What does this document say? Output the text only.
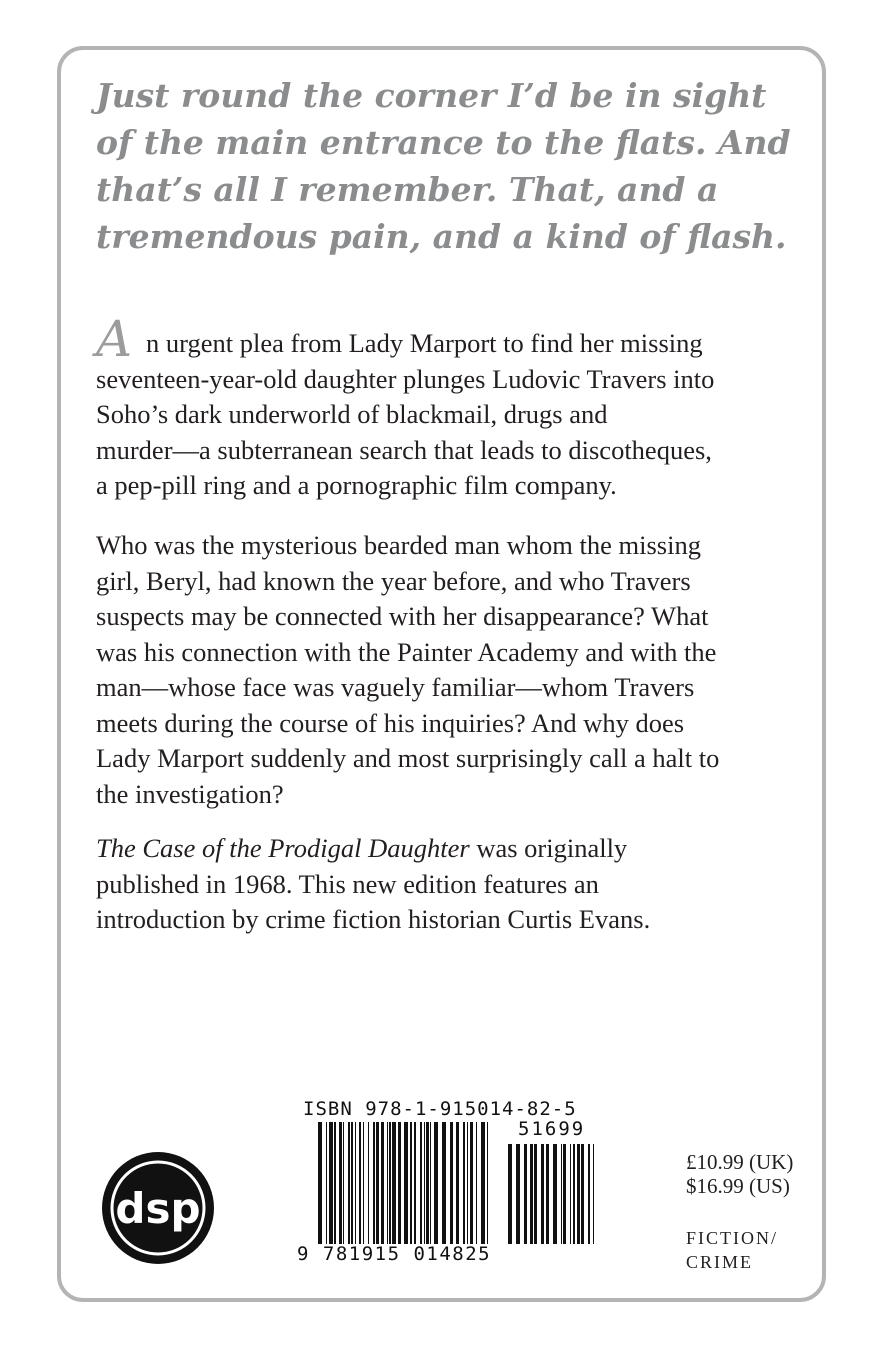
Just round the corner I’d be in sight
of the main entrance to the flats. And
that’s all I remember. That, and a
tremendous pain, and a kind of flash.
An urgent plea from Lady Marport to find her missing
seventeen-year-old daughter plunges Ludovic Travers into
Soho’s dark underworld of blackmail, drugs and
murder—a subterranean search that leads to discotheques,
a pep-pill ring and a pornographic film company.
Who was the mysterious bearded man whom the missing
girl, Beryl, had known the year before, and who Travers
suspects may be connected with her disappearance? What
was his connection with the Painter Academy and with the
man—whose face was vaguely familiar—whom Travers
meets during the course of his inquiries? And why does
Lady Marport suddenly and most surprisingly call a halt to
the investigation?
The Case of the Prodigal Daughter was originally
published in 1968. This new edition features an
introduction by crime fiction historian Curtis Evans.
ISBN 978-1-915014-82-5
51699
9 781915 014825
dsp
£10.99 (UK)
$16.99 (US)
FICTION/
CRIME
